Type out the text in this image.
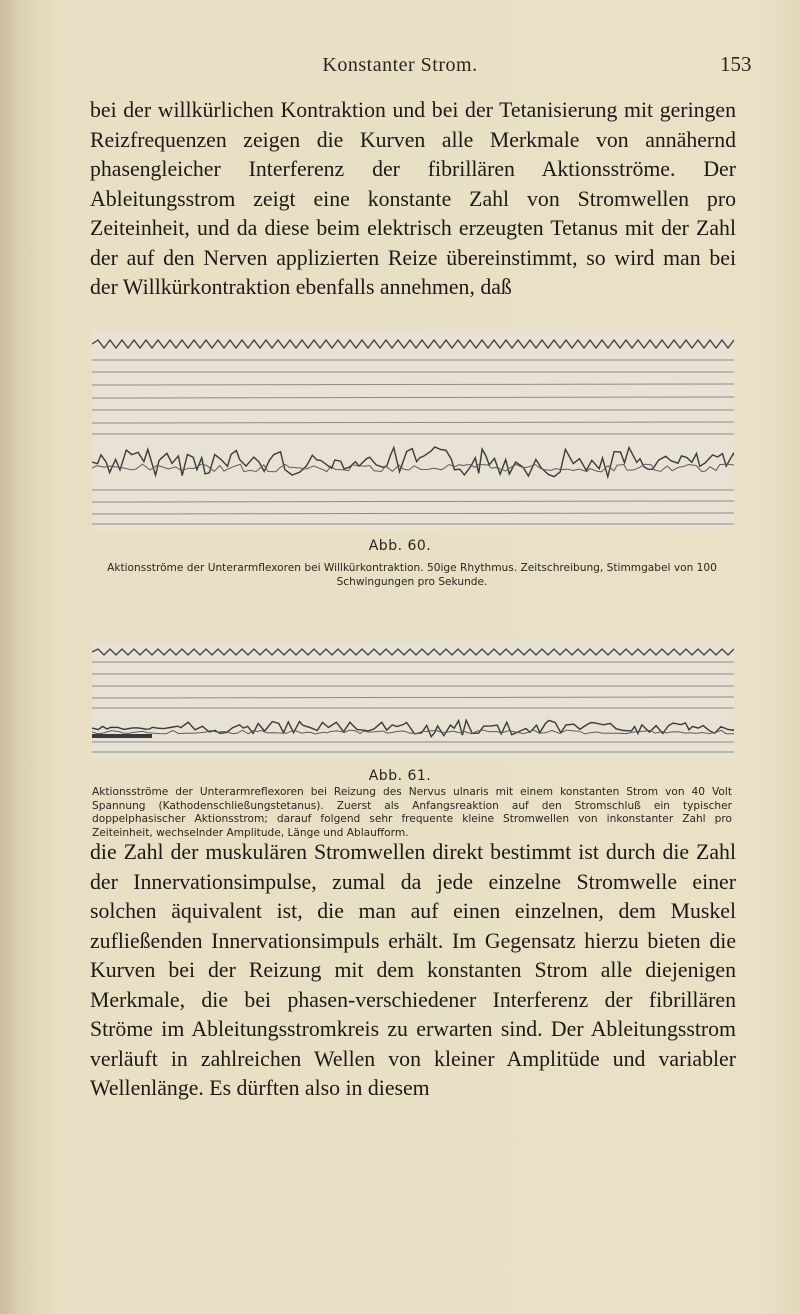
Konstanter Strom.	153

bei der willkürlichen Kontraktion und bei der Tetanisierung mit geringen Reizfrequenzen zeigen die Kurven alle Merkmale von annähernd phasengleicher Interferenz der fibrillären Aktionsströme. Der Ableitungsstrom zeigt eine konstante Zahl von Stromwellen pro Zeiteinheit, und da diese beim elektrisch erzeugten Tetanus mit der Zahl der auf den Nerven applizierten Reize übereinstimmt, so wird man bei der Willkürkontraktion ebenfalls annehmen, daß

Abb. 60.
Aktionsströme der Unterarmflexoren bei Willkürkontraktion. 50ige Rhythmus. Zeitschreibung, Stimmgabel von 100 Schwingungen pro Sekunde.
Abb. 61.
Aktionsströme der Unterarmreflexoren bei Reizung des Nervus ulnaris mit einem konstanten Strom von 40 Volt Spannung (Kathodenschließungstetanus). Zuerst als Anfangsreaktion auf den Stromschluß ein typischer doppelphasischer Aktionsstrom; darauf folgend sehr frequente kleine Stromwellen von inkonstanter Zahl pro Zeiteinheit, wechselnder Amplitude, Länge und Ablaufform.

die Zahl der muskulären Stromwellen direkt bestimmt ist durch die Zahl der Innervationsimpulse, zumal da jede einzelne Stromwelle einer solchen äquivalent ist, die man auf einen einzelnen, dem Muskel zufließenden Innervationsimpuls erhält. Im Gegensatz hierzu bieten die Kurven bei der Reizung mit dem konstanten Strom alle diejenigen Merkmale, die bei phasen-verschiedener Interferenz der fibrillären Ströme im Ableitungsstromkreis zu erwarten sind. Der Ableitungsstrom verläuft in zahlreichen Wellen von kleiner Amplitüde und variabler Wellenlänge. Es dürften also in diesem
